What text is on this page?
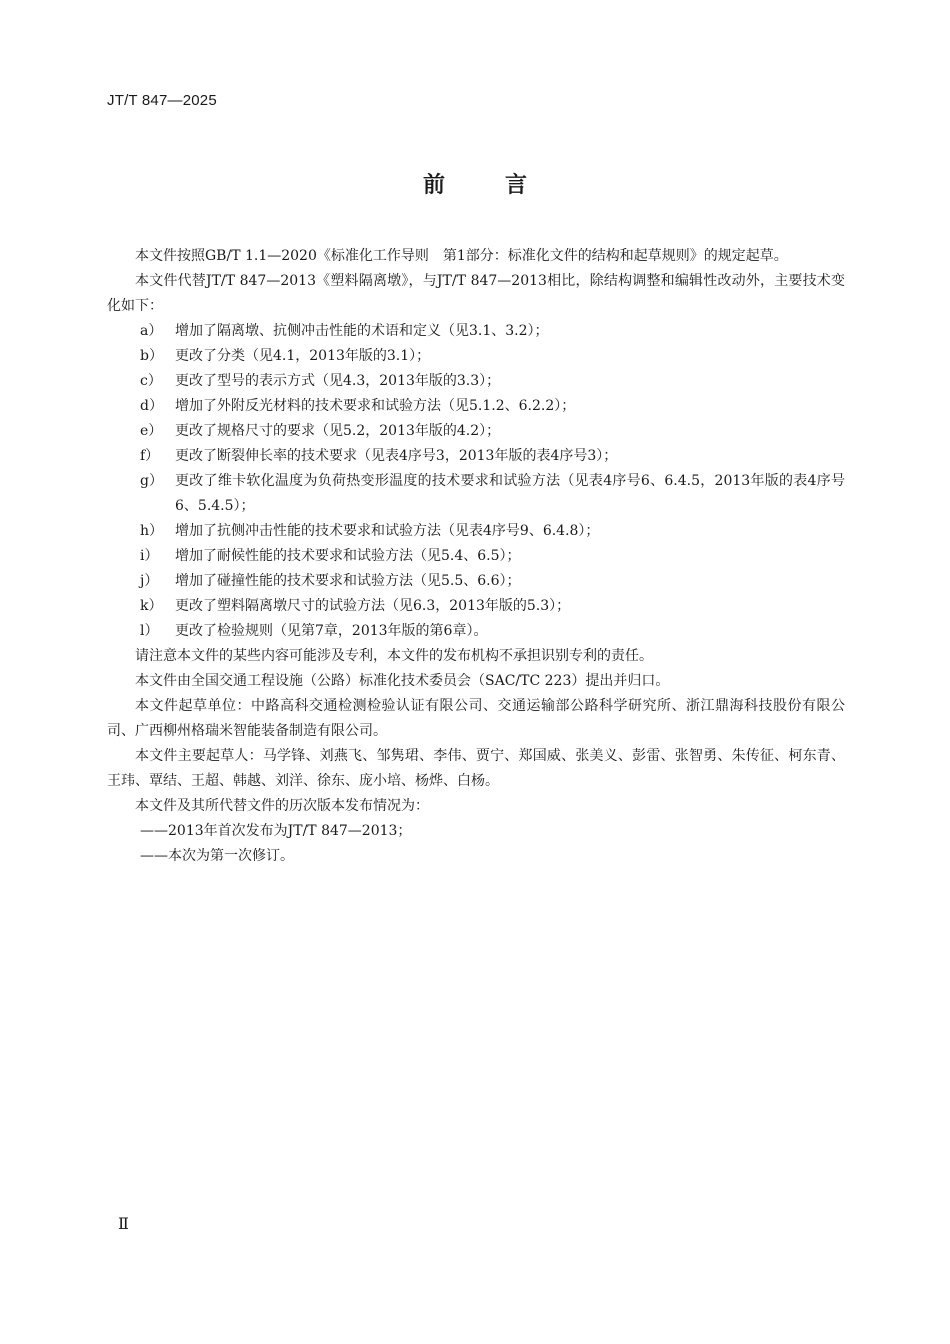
JT/T 847—2025
前言

本文件按照GB/T 1.1—2020《标准化工作导则　第1部分：标准化文件的结构和起草规则》的规定起草。

本文件代替JT/T 847—2013《塑料隔离墩》，与JT/T 847—2013相比，除结构调整和编辑性改动外，主要技术变化如下：

a） 增加了隔离墩、抗侧冲击性能的术语和定义（见3.1、3.2）；

b） 更改了分类（见4.1，2013年版的3.1）；

c） 更改了型号的表示方式（见4.3，2013年版的3.3）；

d） 增加了外附反光材料的技术要求和试验方法（见5.1.2、6.2.2）；

e） 更改了规格尺寸的要求（见5.2，2013年版的4.2）；

f） 更改了断裂伸长率的技术要求（见表4序号3，2013年版的表4序号3）；

g） 更改了维卡软化温度为负荷热变形温度的技术要求和试验方法（见表4序号6、6.4.5，2013年版的表4序号6、5.4.5）；

h） 增加了抗侧冲击性能的技术要求和试验方法（见表4序号9、6.4.8）；

i） 增加了耐候性能的技术要求和试验方法（见5.4、6.5）；

j） 增加了碰撞性能的技术要求和试验方法（见5.5、6.6）；

k） 更改了塑料隔离墩尺寸的试验方法（见6.3，2013年版的5.3）；

l） 更改了检验规则（见第7章，2013年版的第6章）。

请注意本文件的某些内容可能涉及专利，本文件的发布机构不承担识别专利的责任。

本文件由全国交通工程设施（公路）标准化技术委员会（SAC/TC 223）提出并归口。

本文件起草单位：中路高科交通检测检验认证有限公司、交通运输部公路科学研究所、浙江鼎海科技股份有限公司、广西柳州格瑞米智能装备制造有限公司。

本文件主要起草人：马学锋、刘燕飞、邹隽珺、李伟、贾宁、郑国威、张美义、彭雷、张智勇、朱传征、柯东青、王玮、覃结、王超、韩越、刘洋、徐东、庞小培、杨烨、白杨。

本文件及其所代替文件的历次版本发布情况为：

——2013年首次发布为JT/T 847—2013；

——本次为第一次修订。

Ⅱ
